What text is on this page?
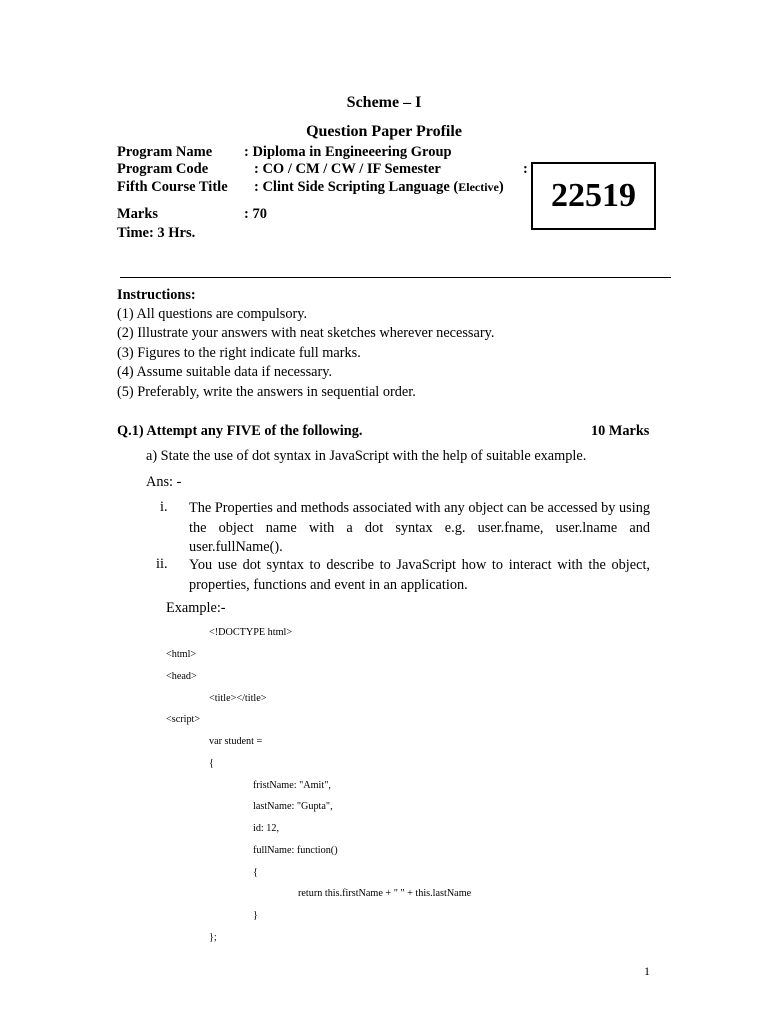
Scheme – I
Question Paper Profile
Program Name : Diploma in Engineeering Group
Program Code	: CO / CM / CW / IF Semester	:
Fifth Course Title : Clint Side Scripting Language (Elective)
Marks	: 70
Time: 3 Hrs.
22519
Instructions:
(1) All questions are compulsory.
(2) Illustrate your answers with neat sketches wherever necessary.
(3) Figures to the right indicate full marks.
(4) Assume suitable data if necessary.
(5) Preferably, write the answers in sequential order.
Q.1) Attempt any FIVE of the following.	10 Marks
a) State the use of dot syntax in JavaScript with the help of suitable example.
Ans: -
i. The Properties and methods associated with any object can be accessed by using the object name with a dot syntax e.g. user.fname, user.lname and user.fullName().
ii. You use dot syntax to describe to JavaScript how to interact with the object, properties, functions and event in an application.
Example:-
<!DOCTYPE html>
<html>
<head>
<title></title>
<script>
var student =
{
fristName: "Amit",
lastName: "Gupta",
id: 12,
fullName: function()
{
return this.firstName + " " + this.lastName
}
};
1
